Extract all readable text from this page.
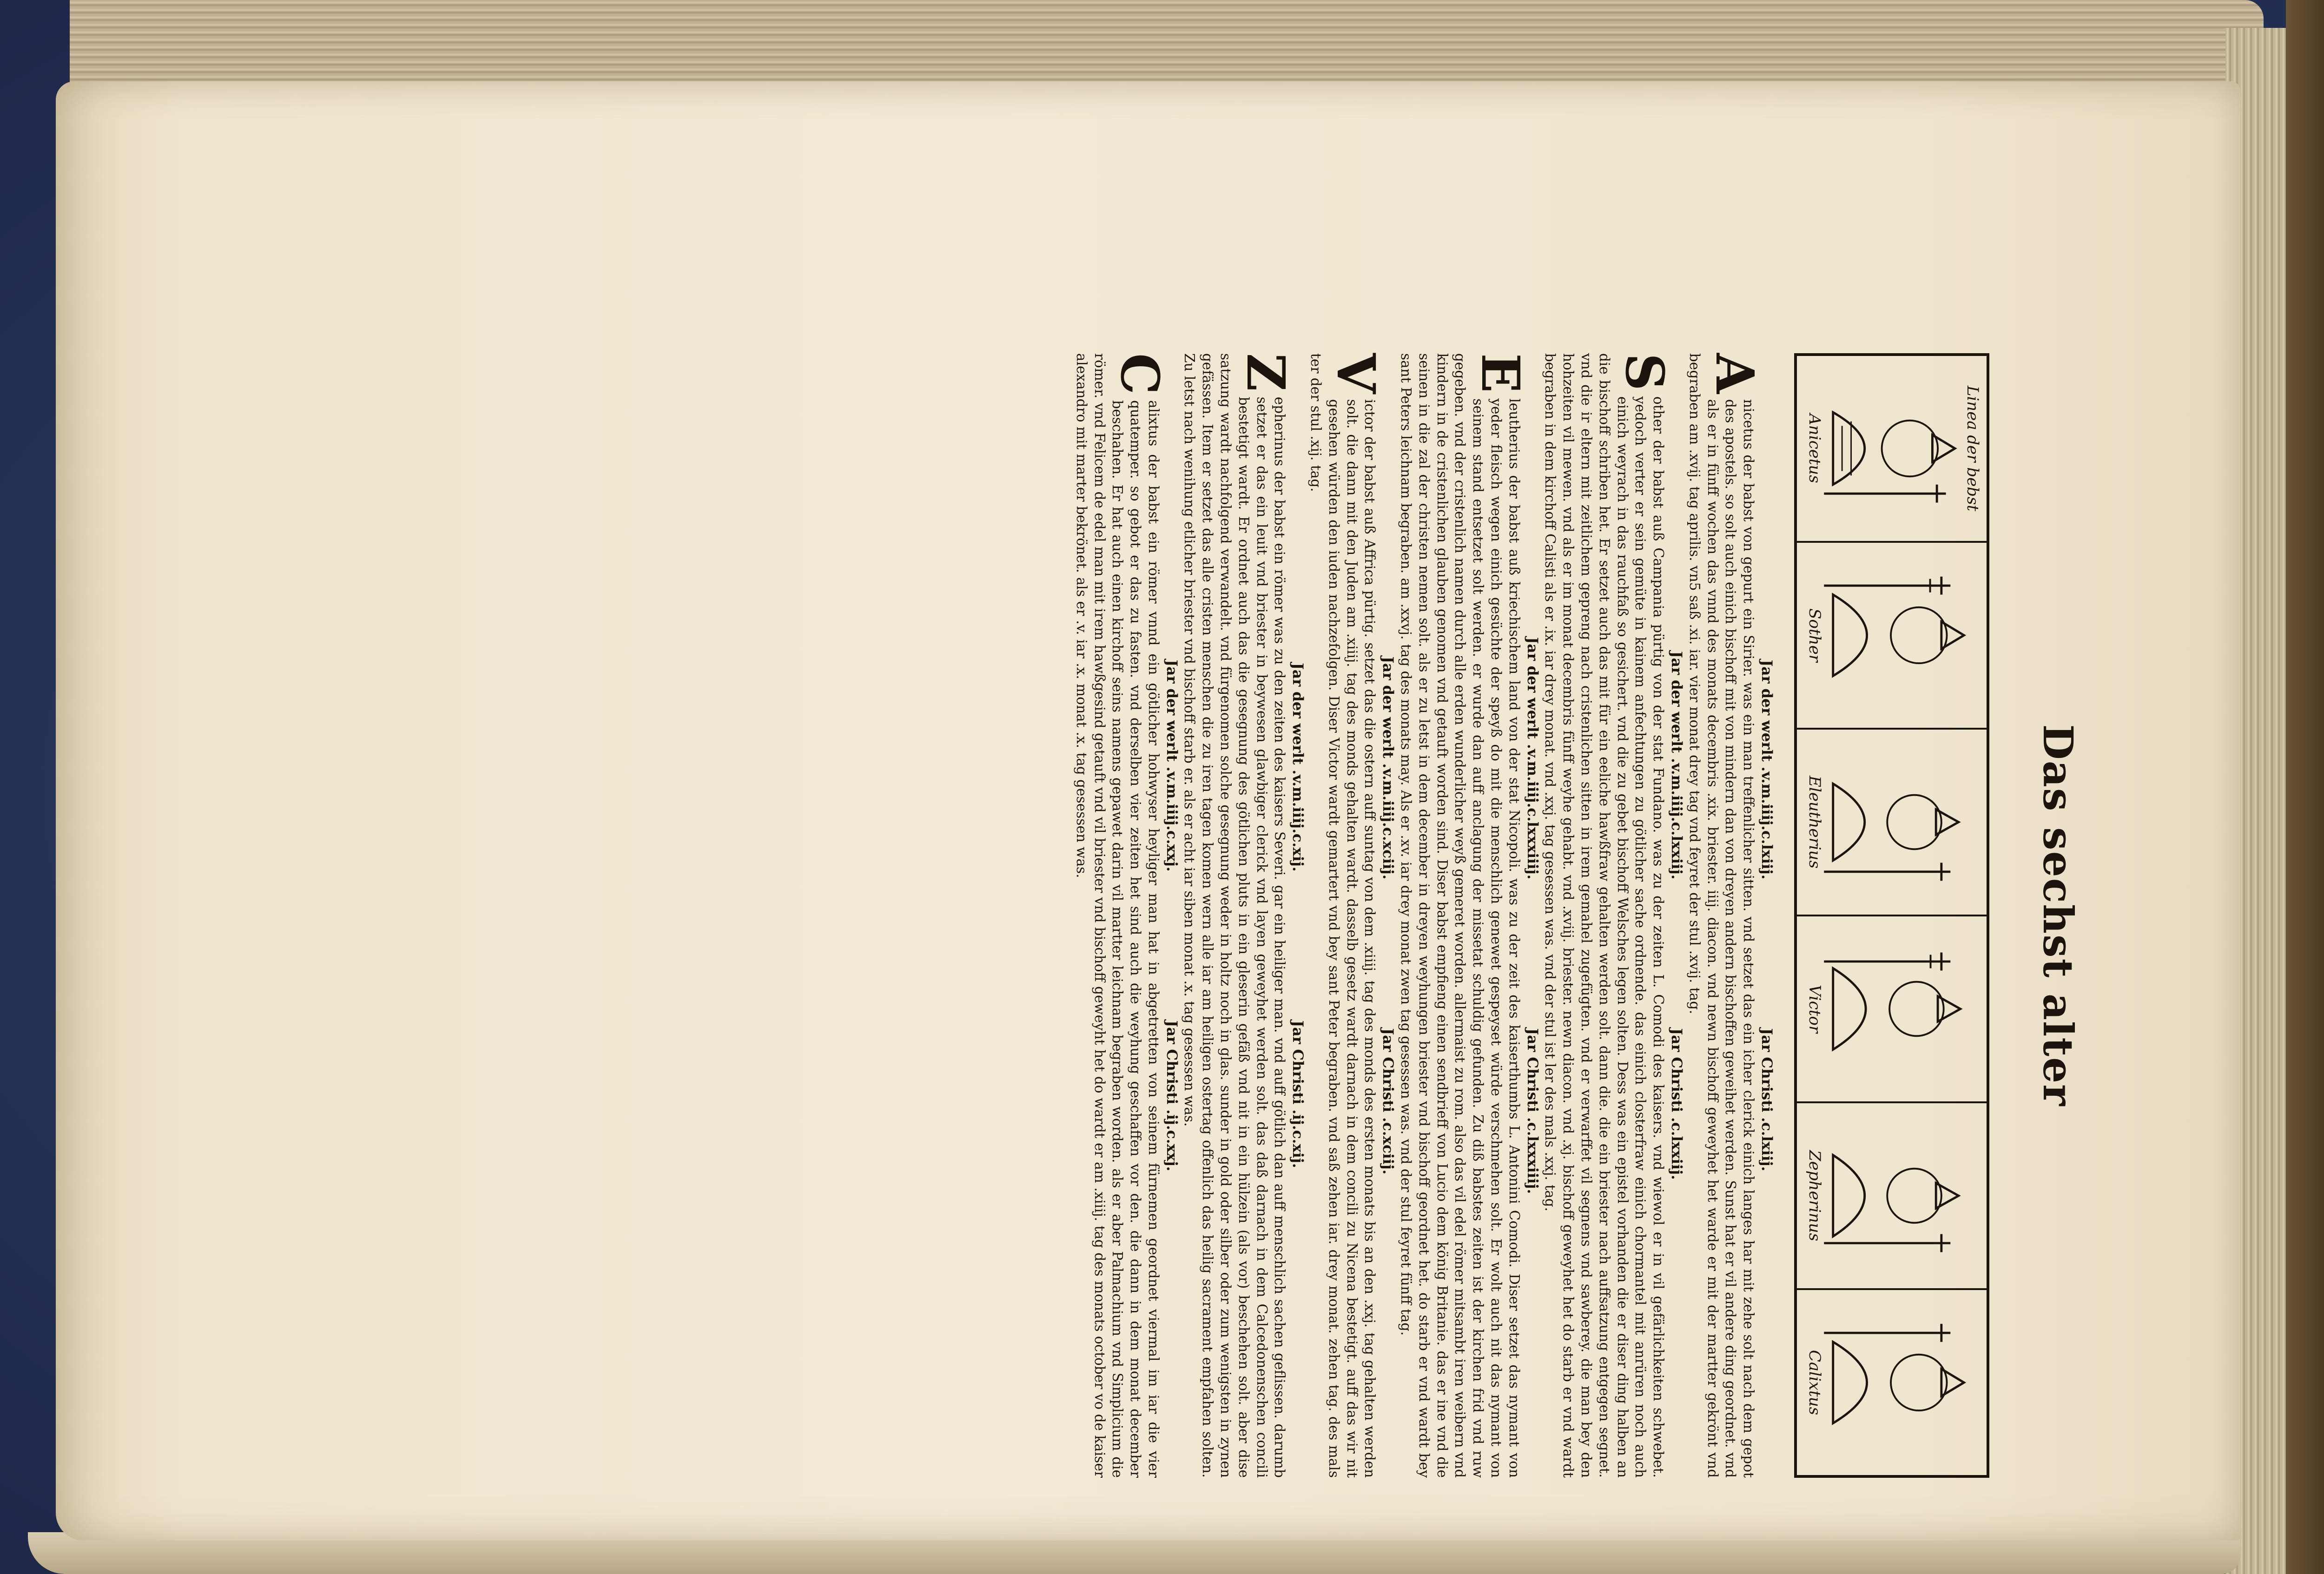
Das sechst alter
Linea der bebst
Anicetus
Sother
Eleutherius
Victor
Zepherinus
Calixtus
Jar der werlt .v.m.iiij.c.lxiij.
Jar Christi .c.lxiij.

A
nicetus der babst von gepurt ein Sirier. was ein man treffenlicher sitten. vnd setzet das ein icher clerick einich langes har mit zehe solt nach dem gepot des apostels. so solt auch einich bischoff mit von mindern dan von dreyen andern bischoffen geweihet werden. Sunst hat er vil andere ding geordnet. vnd als er in fünff wochen das vnnd des monats decembris .xix. briester. iiij. diacon. vnd newn bischoff geweyhet het warde er mit der martter gekrönt vnd begraben am .xvij. tag aprilis. vn5 saß .xi. iar. vier monat drey tag vnd feyret der stul .xvij. tag.

Jar der werlt .v.m.iiij.c.lxxiij.
Jar Christi .c.lxxiij.

S
other der babst auß Campania pürtig von der stat Fundano. was zu der zeiten L. Comodi des kaisers. vnd wiewol er in vil gefärlichkeiten schwebet. yedoch verter er sein gemüte in kainem anfechtungen zu götlicher sache ordnende. das einich closterfraw einich chormantel mit anrüren noch auch einich weyrach in das rauchfaß so gesichert. vnd die zu gebet bischoff Welsches legen solten. Dess was ein epistel vorhanden die er diser ding halben an die bischoff schriben het. Er setzet auch das mit für ein eeliche hawßfraw gehalten werden solt. dann die. die ein briester nach auffsatzung entgegen segnet. vnd die ir eltern mit zeitlichem gepreng nach cristenlichen sitten in irem gemahel zugefügten. vnd er verwarffet vil segnens vnd sawberey. die man bey den hohzeiten vil mewen. vnd als er im monat decembris fünff weyhe gehabt. vnd .xviij. briester. newn diacon. vnd .xj. bischoff geweyhet het do starb er vnd wardt begraben in dem kirchoff Calisti als er .ix. iar drey monat. vnd .xxj. tag gesessen was. vnd der stul ist ler des mals .xxj. tag.

Jar der werlt .v.m.iiij.c.lxxxiiij.
Jar Christi .c.lxxxiiij.

E
leutherius der babst auß kriechischem land von der stat Nicopoli. was zu der zeit des kaiserthumbs L. Antonini Comodi. Diser setzet das nymant von yeder fleisch wegen einich gesüchte der speyß do mit die menschlich genewet gespeyset würde verschmehen solt. Er wolt auch nit das nymant von seinem stand entsetzet solt werden. er wurde dan auff anclagung der missetat schuldig gefunden. Zu diß babstes zeiten ist der kirchen frid vnd ruw gegeben. vnd der cristenlich namen durch alle erden wunderlicher weyß gemeret worden. allermaist zu rom. also das vil edel römer mitsambt iren weibern vnd kindern in de cristenlichen glauben genomen vnd getauft worden sind. Diser babst empfieng einen sendbrieff von Lucio dem könig Britanie. das er ine vnd die seinen in die zal der christen nemen solt. als er zu letst in dem december in dreyen weyhungen briester vnd bischoff geordnet het. do starb er vnd wardt bey sant Peters leichnam begraben. am .xxvj. tag des monats may. Als er .xv. iar drey monat zwen tag gesessen was. vnd der stul feyret fünff tag.

Jar der werlt .v.m.iiij.c.xciij.
Jar Christi .c.xciij.

V
ictor der babst auß Affrica pürtig. setzet das die ostern auff suntag von dem .xiiij. tag des monds des ersten monats bis an den .xxj. tag gehalten werden solt. die dann mit den Juden am .xiiij. tag des monds gehalten wardt. dasselb gesetz wardt darnach in dem concili zu Nicena bestetigt. auff das wir nit gesehen würden den iuden nachzefolgen. Diser Victor wardt gemartert vnd bey sant Peter begraben. vnd saß zehen iar. drey monat. zehen tag. des mals ter der stul .xij. tag.

Jar der werlt .v.m.iiij.c.xij.
Jar Christi .ij.c.xij.

Z
epherinus der babst ein römer was zu den zeiten des kaisers Severi. gar ein heiliger man. vnd auff götlich dan auff menschlich sachen geflissen. darumb setzet er das ein leuit vnd briester in beywesen glawbiger clerick vnd layen geweyhet werden solt. das daß darnach in dem Calcedonenschen concili bestetigt wardt. Er ordnet auch das die gesegnung des götlichen pluts in ein gleserin gefäß vnd nit in ein hülzein (als vor) beschehen solt. aber dise satzung wardt nachfolgend verwandelt. vnd fürgenomen solche gesegnung weder in holtz noch in glas. sunder in gold oder silber oder zum wenigsten in zynen gefässen. Item er setzet das alle cristen menschen die zu iren tagen komen wern alle iar am heiligen ostertag offenlich das heilig sacrament empfahen solten. Zu letst nach wenihung etlicher briester vnd bischoff starb er. als er acht iar siben monat .x. tag gesessen was.

Jar der werlt .v.m.iiij.c.xxj.
Jar Christi .ij.c.xxj.

C
alixtus der babst ein römer vnnd ein götlicher hohwyser heyliger man hat in abgetretten von seinem fürnemen geordnet viermal im iar die vier quatemper. so gebot er das zu fasten. vnd derselben vier zeiten het sind auch die weyhung geschaffen vor den. die dann in dem monat december beschahen. Er hat auch einen kirchoff seins namens gepawet darin vil martter leichnam begraben worden. als er aber Palmachium vnd Simplicium die römer. vnd Felicem de edel man mit irem hawßgesind getauft vnd vil briester vnd bischoff geweyht het do wardt er am .xiiij. tag des monats october vo de kaiser alexandro mit marter bekrönet. als er .v. iar .x. monat .x. tag gesessen was.
